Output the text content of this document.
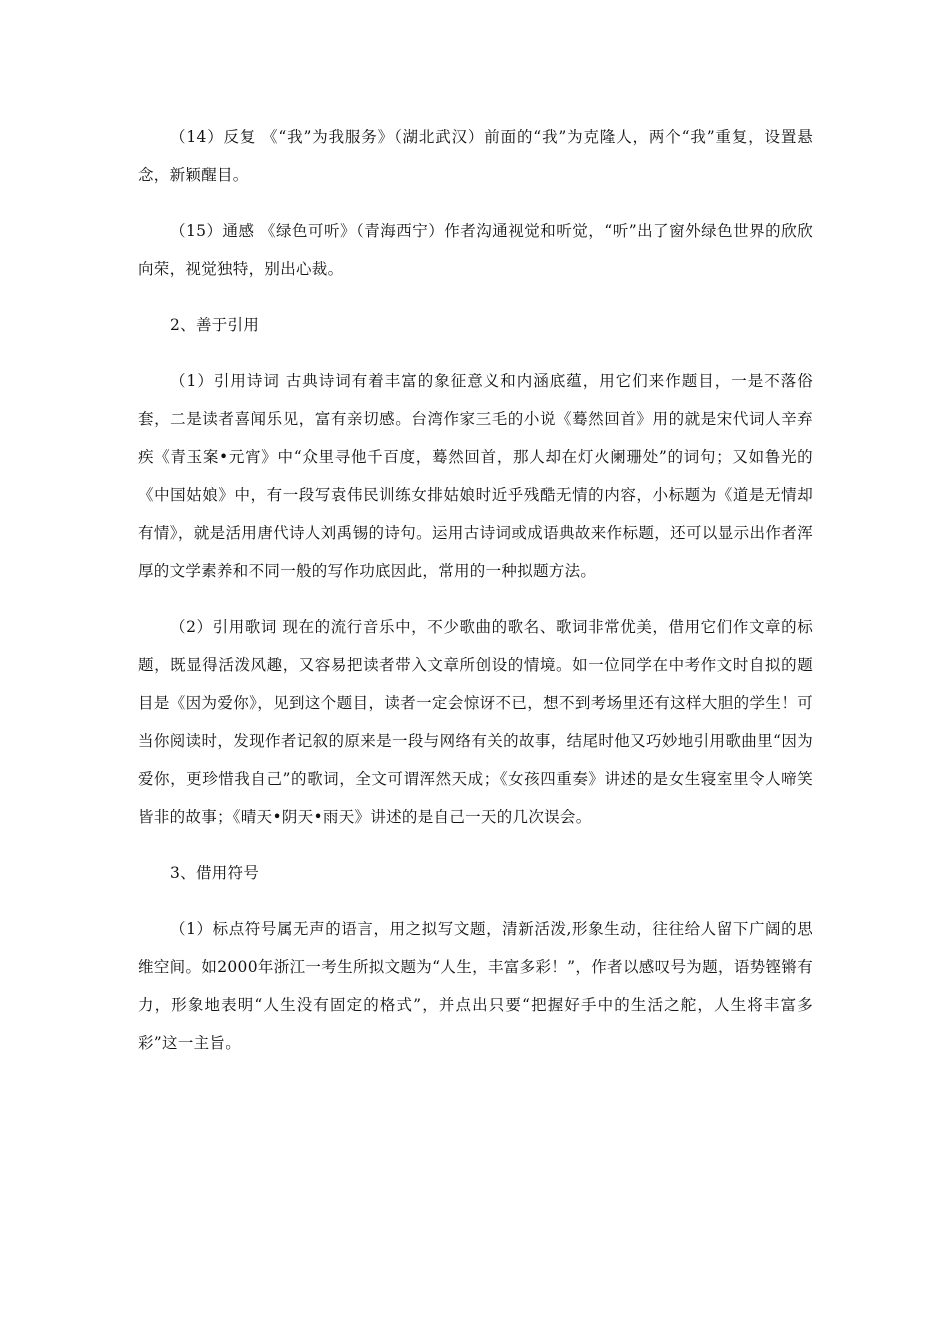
（14）反复 《“我”为我服务》（湖北武汉）前面的“我”为克隆人，两个“我”重复，设置悬念，新颖醒目。

（15）通感 《绿色可听》（青海西宁）作者沟通视觉和听觉，“听”出了窗外绿色世界的欣欣向荣，视觉独特，别出心裁。

2、善于引用

（1）引用诗词 古典诗词有着丰富的象征意义和内涵底蕴，用它们来作题目，一是不落俗套，二是读者喜闻乐见，富有亲切感。台湾作家三毛的小说《蓦然回首》用的就是宋代词人辛弃疾《青玉案•元宵》中“众里寻他千百度，蓦然回首，那人却在灯火阑珊处”的词句；又如鲁光的《中国姑娘》中，有一段写袁伟民训练女排姑娘时近乎残酷无情的内容，小标题为《道是无情却有情》，就是活用唐代诗人刘禹锡的诗句。运用古诗词或成语典故来作标题，还可以显示出作者浑厚的文学素养和不同一般的写作功底因此，常用的一种拟题方法。

（2）引用歌词 现在的流行音乐中，不少歌曲的歌名、歌词非常优美，借用它们作文章的标题，既显得活泼风趣，又容易把读者带入文章所创设的情境。如一位同学在中考作文时自拟的题目是《因为爱你》，见到这个题目，读者一定会惊讶不已，想不到考场里还有这样大胆的学生！可当你阅读时，发现作者记叙的原来是一段与网络有关的故事，结尾时他又巧妙地引用歌曲里“因为爱你，更珍惜我自己”的歌词，全文可谓浑然天成；《女孩四重奏》讲述的是女生寝室里令人啼笑皆非的故事；《晴天•阴天•雨天》讲述的是自己一天的几次误会。

3、借用符号

（1）标点符号属无声的语言，用之拟写文题，清新活泼,形象生动，往往给人留下广阔的思维空间。如2000年浙江一考生所拟文题为“人生，丰富多彩！”，作者以感叹号为题，语势铿锵有力，形象地表明“人生没有固定的格式”，并点出只要“把握好手中的生活之舵，人生将丰富多彩”这一主旨。
